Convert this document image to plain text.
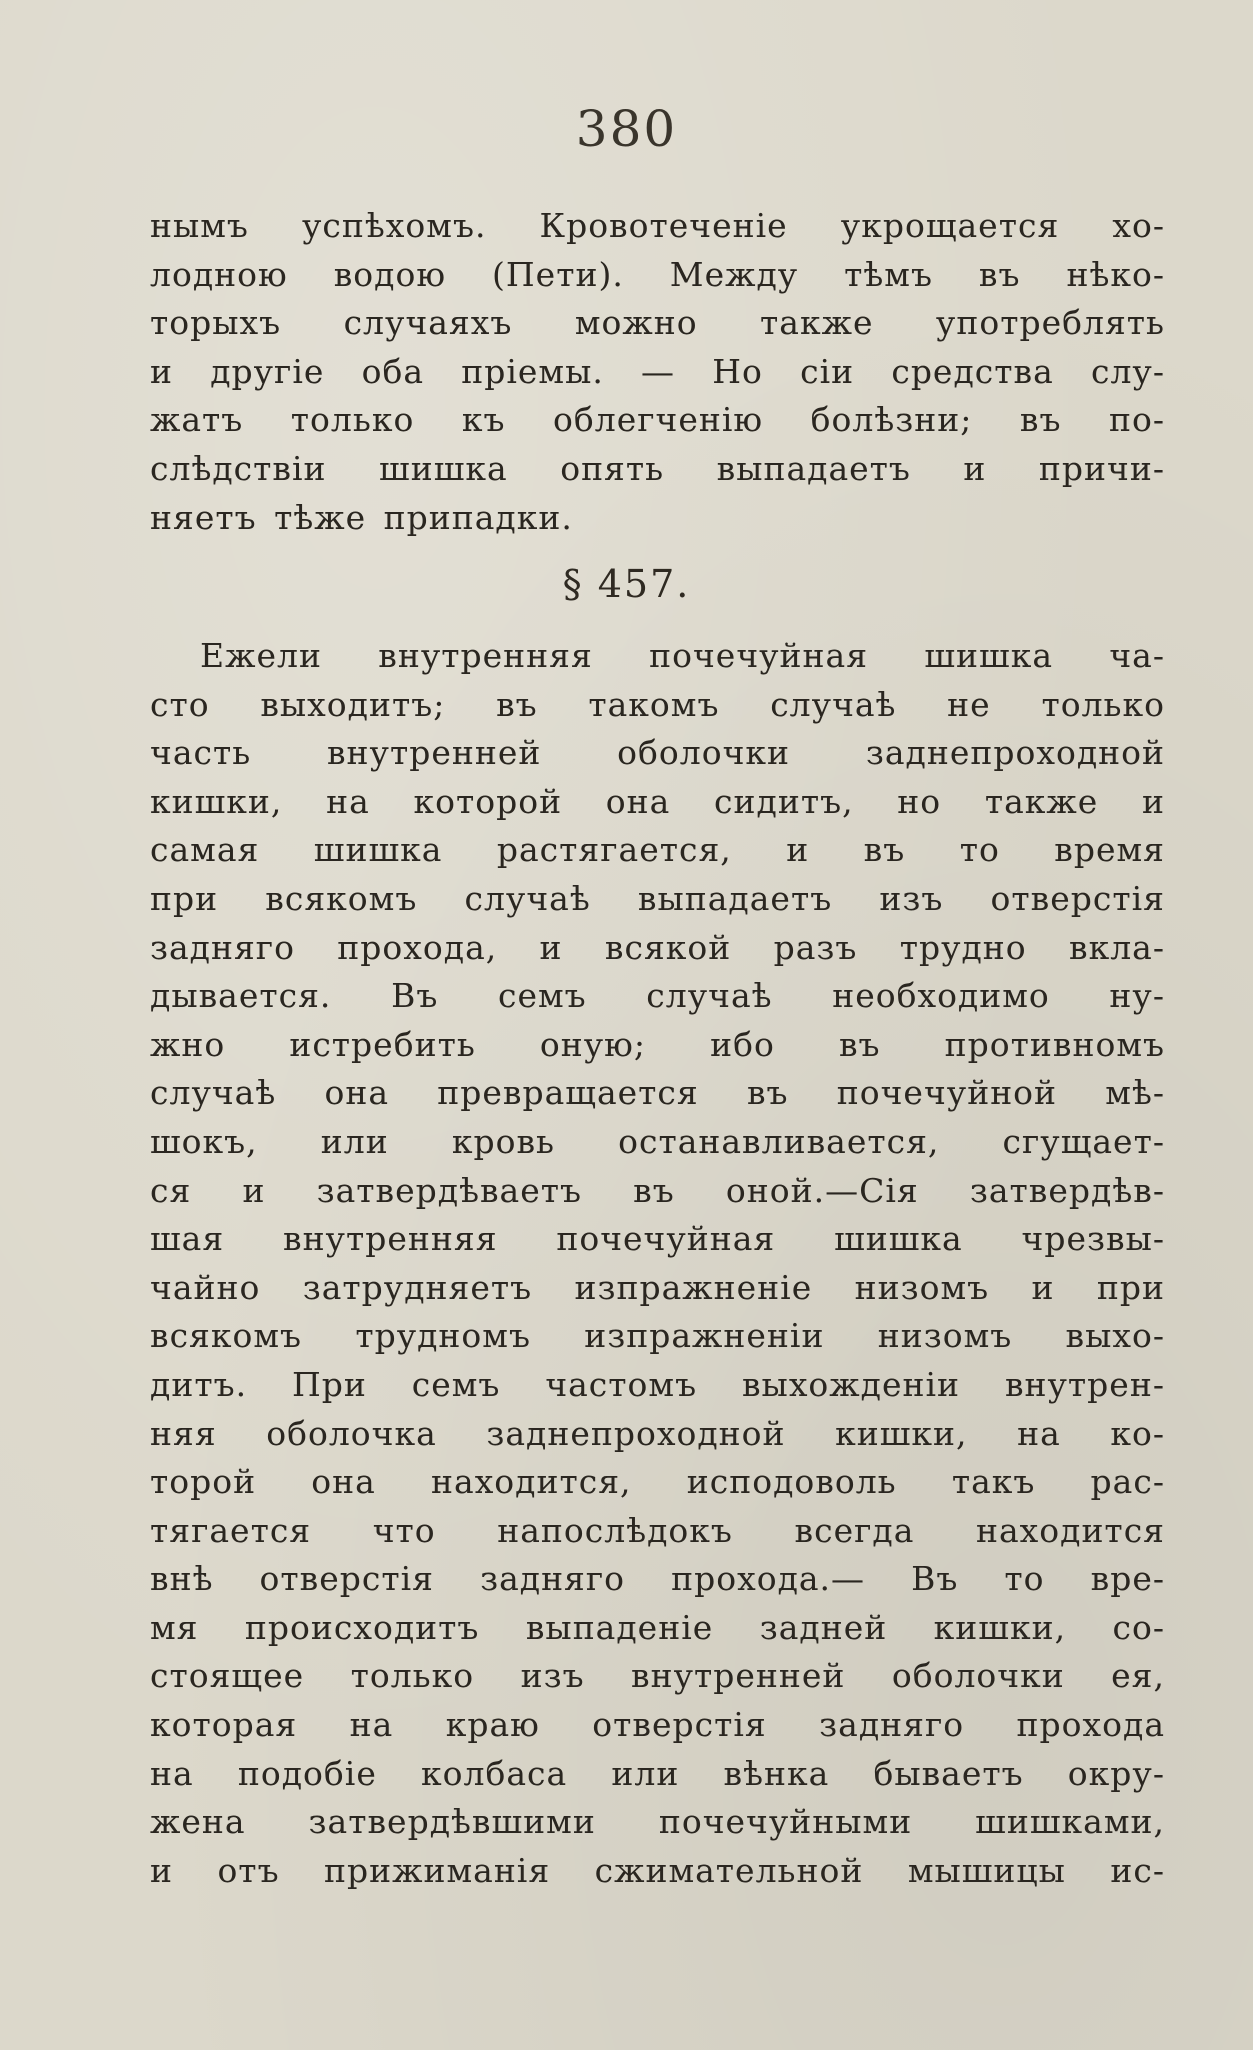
380
нымъ успѣхомъ. Кровотеченіе укрощается хо-
лодною водою (Пети). Между тѣмъ въ нѣко-
торыхъ случаяхъ можно также употреблять
и другіе оба пріемы. — Но сіи средства слу-
жатъ только къ облегченію болѣзни; въ по-
слѣдствіи шишка опять выпадаетъ и причи-
няетъ тѣже припадки.
§ 457.
Ежели внутренняя почечуйная шишка ча-
сто выходитъ; въ такомъ случаѣ не только
часть внутренней оболочки заднепроходной
кишки, на которой она сидитъ, но также и
самая шишка растягается, и въ то время
при всякомъ случаѣ выпадаетъ изъ отверстія
задняго прохода, и всякой разъ трудно вкла-
дывается. Въ семъ случаѣ необходимо ну-
жно истребить оную; ибо въ противномъ
случаѣ она превращается въ почечуйной мѣ-
шокъ, или кровь останавливается, сгущает-
ся и затвердѣваетъ въ оной.—Сія затвердѣв-
шая внутренняя почечуйная шишка чрезвы-
чайно затрудняетъ изпражненіе низомъ и при
всякомъ трудномъ изпражненіи низомъ выхо-
дитъ. При семъ частомъ выхожденіи внутрен-
няя оболочка заднепроходной кишки, на ко-
торой она находится, исподоволь такъ рас-
тягается что напослѣдокъ всегда находится
внѣ отверстія задняго прохода.— Въ то вре-
мя происходитъ выпаденіе задней кишки, со-
стоящее только изъ внутренней оболочки ея,
которая на краю отверстія задняго прохода
на подобіе колбаса или вѣнка бываетъ окру-
жена затвердѣвшими почечуйными шишками,
и отъ прижиманія сжимательной мышицы ис-
